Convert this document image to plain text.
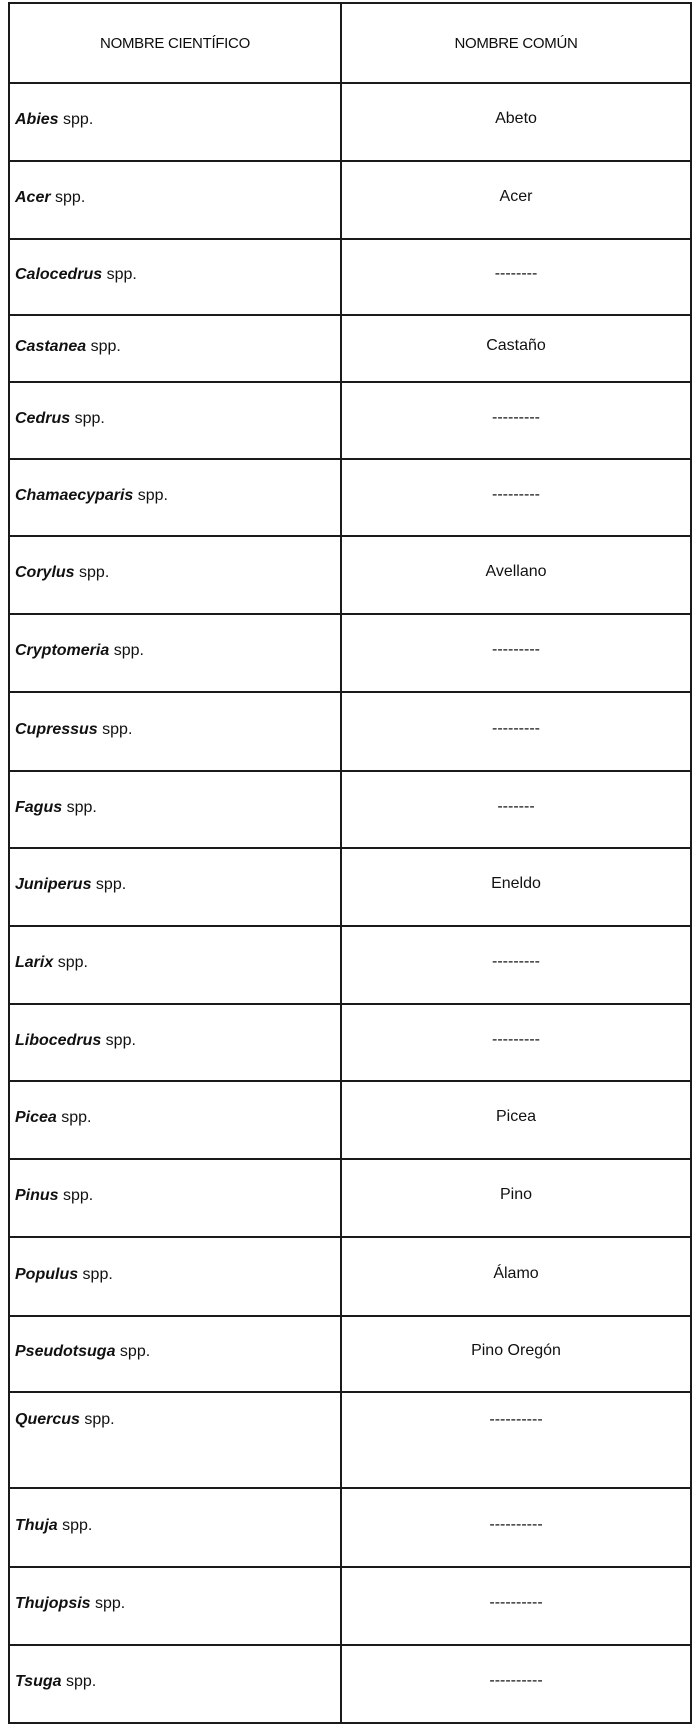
NOMBRE CIENTÍFICO	NOMBRE COMÚN
Abies spp.	Abeto
Acer spp.	Acer
Calocedrus spp.	--------
Castanea spp.	Castaño
Cedrus spp.	---------
Chamaecyparis spp.	---------
Corylus spp.	Avellano
Cryptomeria spp.	---------
Cupressus spp.	---------
Fagus spp.	-------
Juniperus spp.	Eneldo
Larix spp.	---------
Libocedrus spp.	---------
Picea spp.	Picea
Pinus spp.	Pino
Populus spp.	Álamo
Pseudotsuga spp.	Pino Oregón
Quercus spp.	----------
Thuja spp.	----------
Thujopsis spp.	----------
Tsuga spp.	----------
